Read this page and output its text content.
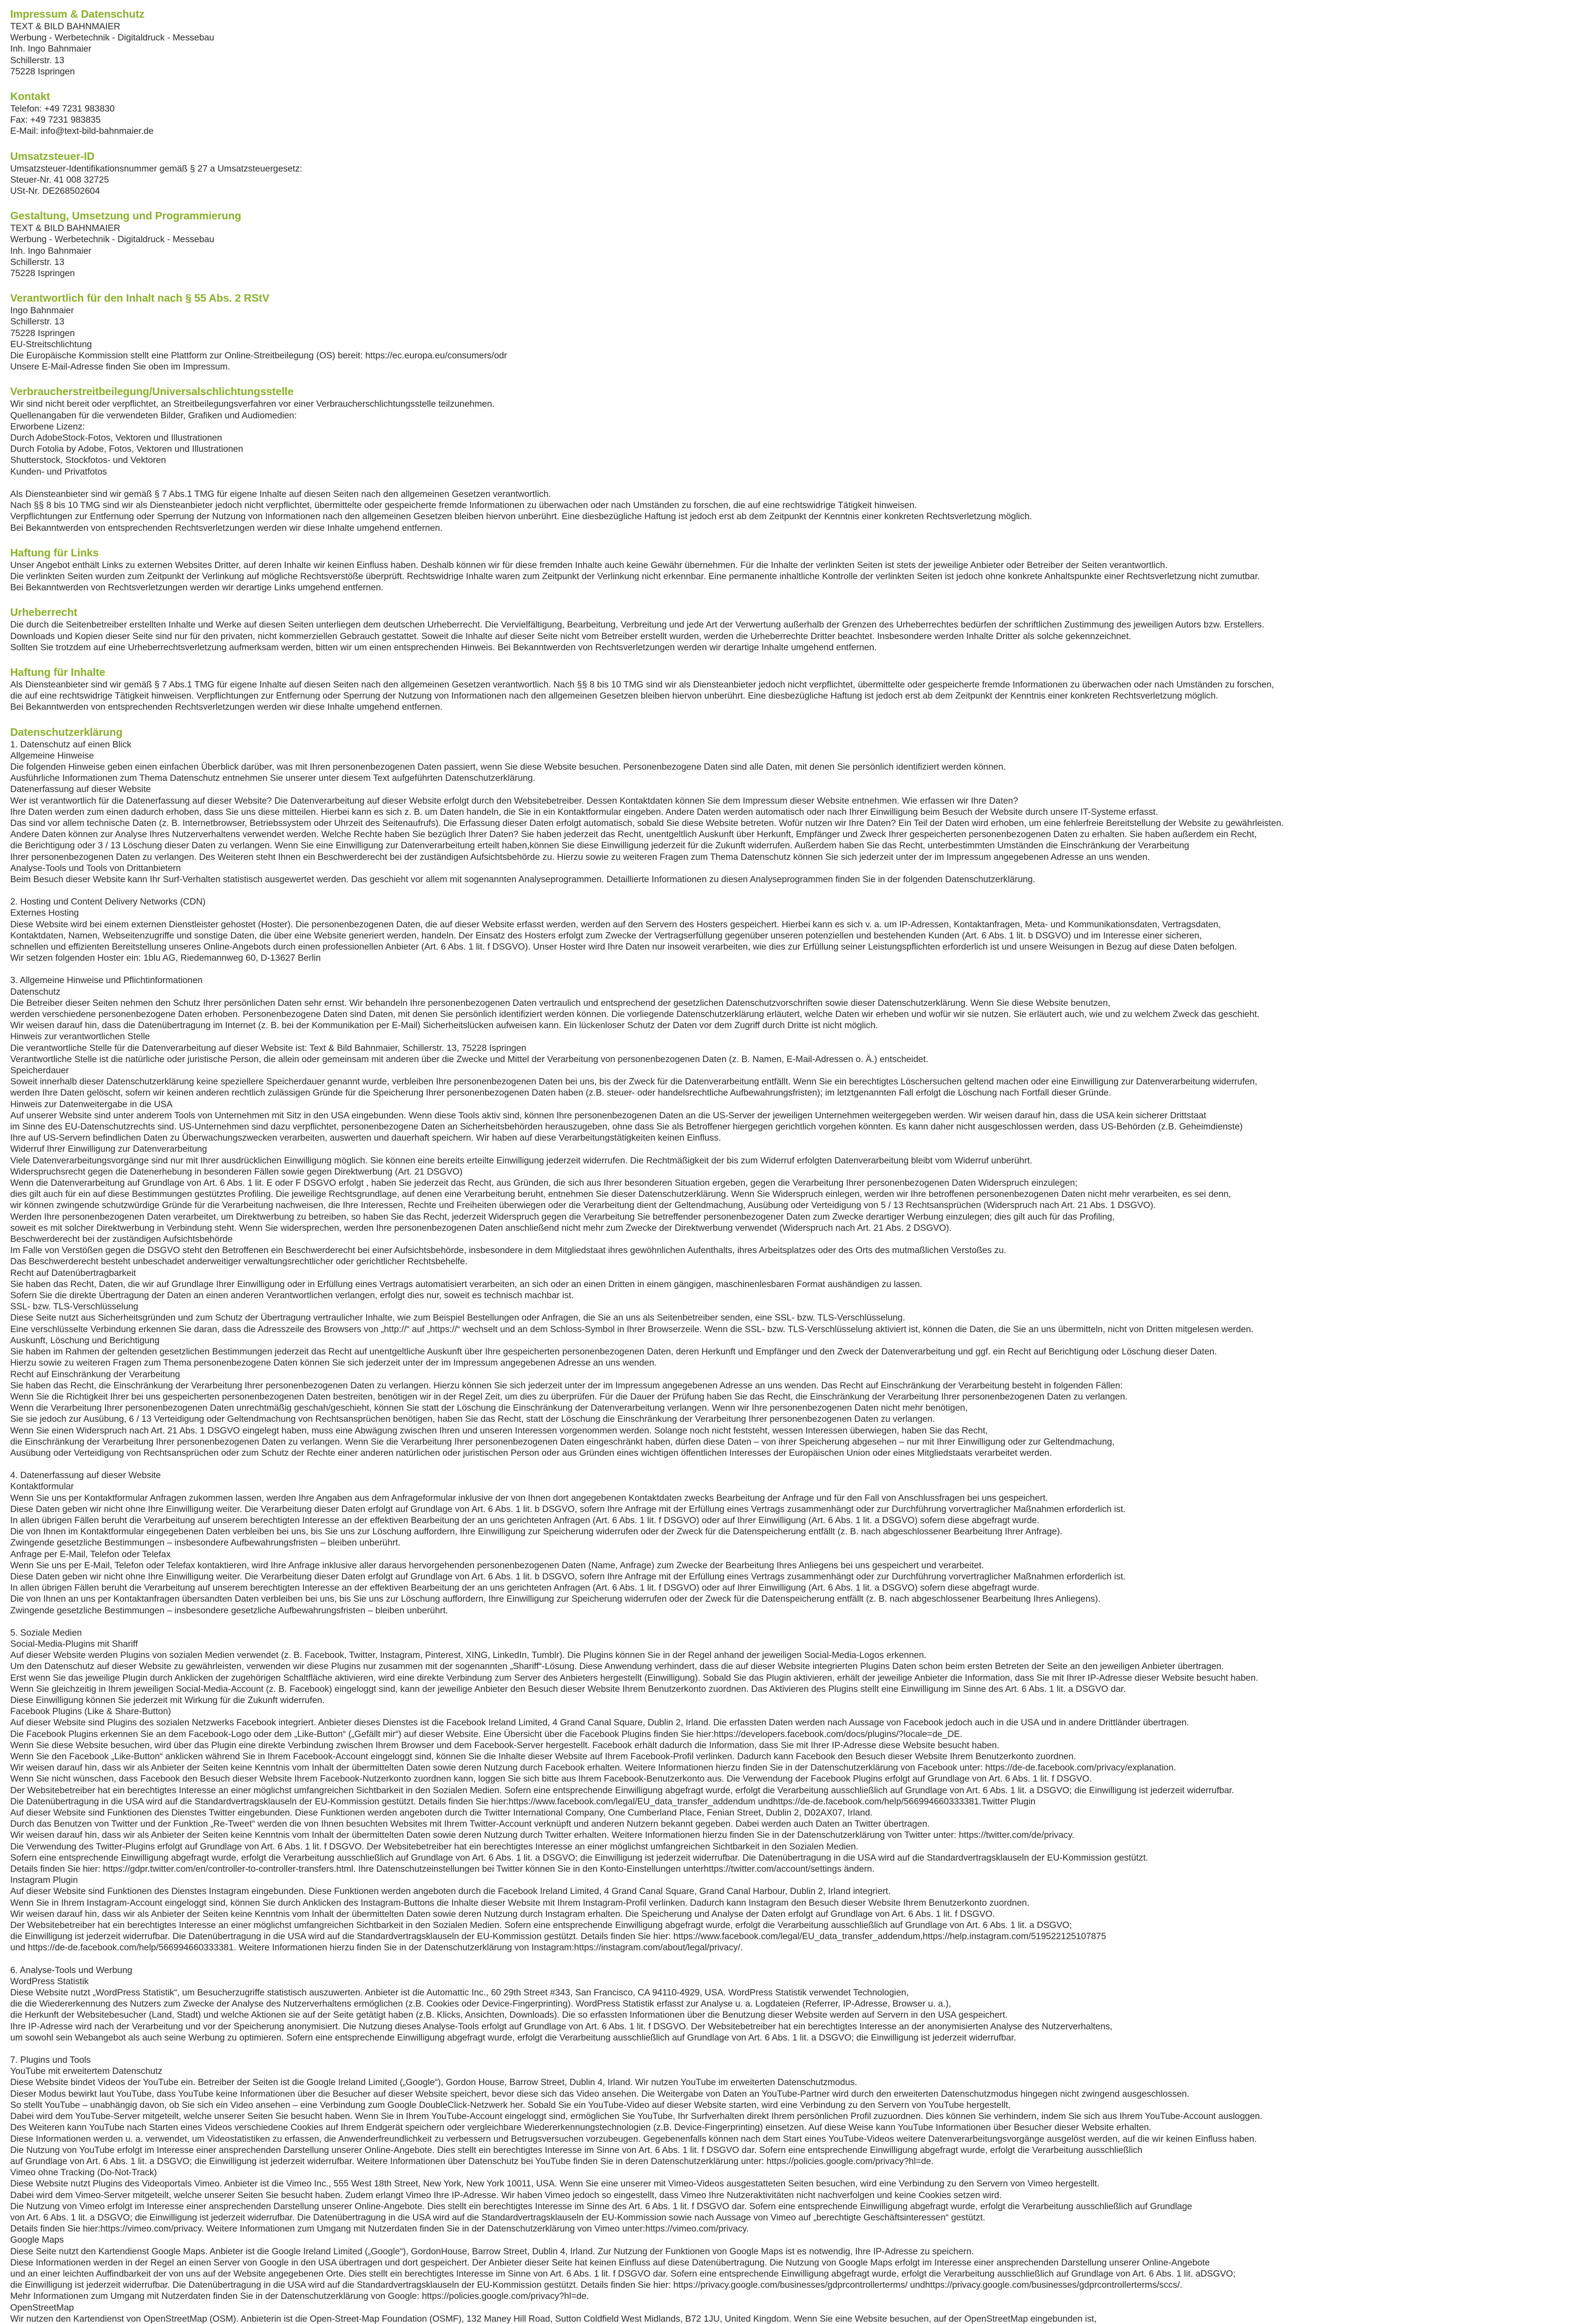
Impressum & Datenschutz
TEXT & BILD BAHNMAIER
Werbung - Werbetechnik - Digitaldruck - Messebau
Inh. Ingo Bahnmaier
Schillerstr. 13
75228 Ispringen
Kontakt
Telefon: +49 7231 983830
Fax: +49 7231 983835
E-Mail: info@text-bild-bahnmaier.de
Umsatzsteuer-ID
Umsatzsteuer-Identifikationsnummer gemäß § 27 a Umsatzsteuergesetz:
Steuer-Nr. 41 008 32725
USt-Nr. DE268502604
Gestaltung, Umsetzung und Programmierung
TEXT & BILD BAHNMAIER
Werbung - Werbetechnik - Digitaldruck - Messebau
Inh. Ingo Bahnmaier
Schillerstr. 13
75228 Ispringen
Verantwortlich für den Inhalt nach § 55 Abs. 2 RStV
Ingo Bahnmaier
Schillerstr. 13
75228 Ispringen
EU-Streitschlichtung
Die Europäische Kommission stellt eine Plattform zur Online-Streitbeilegung (OS) bereit: https://ec.europa.eu/consumers/odr
Unsere E-Mail-Adresse finden Sie oben im Impressum.
Verbraucherstreitbeilegung/Universalschlichtungsstelle
Wir sind nicht bereit oder verpflichtet, an Streitbeilegungsverfahren vor einer Verbraucherschlichtungsstelle teilzunehmen.
Quellenangaben für die verwendeten Bilder, Grafiken und Audiomedien:
Erworbene Lizenz:
Durch AdobeStock-Fotos, Vektoren und Illustrationen
Durch Fotolia by Adobe, Fotos, Vektoren und Illustrationen
Shutterstock, Stockfotos- und Vektoren
Kunden- und Privatfotos
Als Diensteanbieter sind wir gemäß § 7 Abs.1 TMG für eigene Inhalte auf diesen Seiten nach den allgemeinen Gesetzen verantwortlich.
Nach §§ 8 bis 10 TMG sind wir als Diensteanbieter jedoch nicht verpflichtet, übermittelte oder gespeicherte fremde Informationen zu überwachen oder nach Umständen zu forschen, die auf eine rechtswidrige Tätigkeit hinweisen.
Verpflichtungen zur Entfernung oder Sperrung der Nutzung von Informationen nach den allgemeinen Gesetzen bleiben hiervon unberührt. Eine diesbezügliche Haftung ist jedoch erst ab dem Zeitpunkt der Kenntnis einer konkreten Rechtsverletzung möglich.
Bei Bekanntwerden von entsprechenden Rechtsverletzungen werden wir diese Inhalte umgehend entfernen.
Haftung für Links
Unser Angebot enthält Links zu externen Websites Dritter, auf deren Inhalte wir keinen Einfluss haben. Deshalb können wir für diese fremden Inhalte auch keine Gewähr übernehmen. Für die Inhalte der verlinkten Seiten ist stets der jeweilige Anbieter oder Betreiber der Seiten verantwortlich.
Die verlinkten Seiten wurden zum Zeitpunkt der Verlinkung auf mögliche Rechtsverstöße überprüft. Rechtswidrige Inhalte waren zum Zeitpunkt der Verlinkung nicht erkennbar. Eine permanente inhaltliche Kontrolle der verlinkten Seiten ist jedoch ohne konkrete Anhaltspunkte einer Rechtsverletzung nicht zumutbar.
Bei Bekanntwerden von Rechtsverletzungen werden wir derartige Links umgehend entfernen.
Urheberrecht
Die durch die Seitenbetreiber erstellten Inhalte und Werke auf diesen Seiten unterliegen dem deutschen Urheberrecht. Die Vervielfältigung, Bearbeitung, Verbreitung und jede Art der Verwertung außerhalb der Grenzen des Urheberrechtes bedürfen der schriftlichen Zustimmung des jeweiligen Autors bzw. Erstellers.
Downloads und Kopien dieser Seite sind nur für den privaten, nicht kommerziellen Gebrauch gestattet. Soweit die Inhalte auf dieser Seite nicht vom Betreiber erstellt wurden, werden die Urheberrechte Dritter beachtet. Insbesondere werden Inhalte Dritter als solche gekennzeichnet.
Sollten Sie trotzdem auf eine Urheberrechtsverletzung aufmerksam werden, bitten wir um einen entsprechenden Hinweis. Bei Bekanntwerden von Rechtsverletzungen werden wir derartige Inhalte umgehend entfernen.
Haftung für Inhalte
Als Diensteanbieter sind wir gemäß § 7 Abs.1 TMG für eigene Inhalte auf diesen Seiten nach den allgemeinen Gesetzen verantwortlich. Nach §§ 8 bis 10 TMG sind wir als Diensteanbieter jedoch nicht verpflichtet, übermittelte oder gespeicherte fremde Informationen zu überwachen oder nach Umständen zu forschen,
die auf eine rechtswidrige Tätigkeit hinweisen. Verpflichtungen zur Entfernung oder Sperrung der Nutzung von Informationen nach den allgemeinen Gesetzen bleiben hiervon unberührt. Eine diesbezügliche Haftung ist jedoch erst ab dem Zeitpunkt der Kenntnis einer konkreten Rechtsverletzung möglich.
Bei Bekanntwerden von entsprechenden Rechtsverletzungen werden wir diese Inhalte umgehend entfernen.
Datenschutzerklärung
1. Datenschutz auf einen Blick
Allgemeine Hinweise
Die folgenden Hinweise geben einen einfachen Überblick darüber, was mit Ihren personenbezogenen Daten passiert, wenn Sie diese Website besuchen. Personenbezogene Daten sind alle Daten, mit denen Sie persönlich identifiziert werden können.
Ausführliche Informationen zum Thema Datenschutz entnehmen Sie unserer unter diesem Text aufgeführten Datenschutzerklärung.
Datenerfassung auf dieser Website
Wer ist verantwortlich für die Datenerfassung auf dieser Website? Die Datenverarbeitung auf dieser Website erfolgt durch den Websitebetreiber. Dessen Kontaktdaten können Sie dem Impressum dieser Website entnehmen. Wie erfassen wir Ihre Daten?
Ihre Daten werden zum einen dadurch erhoben, dass Sie uns diese mitteilen. Hierbei kann es sich z. B. um Daten handeln, die Sie in ein Kontaktformular eingeben. Andere Daten werden automatisch oder nach Ihrer Einwilligung beim Besuch der Website durch unsere IT-Systeme erfasst.
Das sind vor allem technische Daten (z. B. Internetbrowser, Betriebssystem oder Uhrzeit des Seitenaufrufs). Die Erfassung dieser Daten erfolgt automatisch, sobald Sie diese Website betreten. Wofür nutzen wir Ihre Daten? Ein Teil der Daten wird erhoben, um eine fehlerfreie Bereitstellung der Website zu gewährleisten.
Andere Daten können zur Analyse Ihres Nutzerverhaltens verwendet werden. Welche Rechte haben Sie bezüglich Ihrer Daten? Sie haben jederzeit das Recht, unentgeltlich Auskunft über Herkunft, Empfänger und Zweck Ihrer gespeicherten personenbezogenen Daten zu erhalten. Sie haben außerdem ein Recht,
die Berichtigung oder 3 / 13 Löschung dieser Daten zu verlangen. Wenn Sie eine Einwilligung zur Datenverarbeitung erteilt haben,können Sie diese Einwilligung jederzeit für die Zukunft widerrufen. Außerdem haben Sie das Recht, unterbestimmten Umständen die Einschränkung der Verarbeitung
Ihrer personenbezogenen Daten zu verlangen. Des Weiteren steht Ihnen ein Beschwerderecht bei der zuständigen Aufsichtsbehörde zu. Hierzu sowie zu weiteren Fragen zum Thema Datenschutz können Sie sich jederzeit unter der im Impressum angegebenen Adresse an uns wenden.
Analyse-Tools und Tools von Drittanbietern
Beim Besuch dieser Website kann Ihr Surf-Verhalten statistisch ausgewertet werden. Das geschieht vor allem mit sogenannten Analyseprogrammen. Detaillierte Informationen zu diesen Analyseprogrammen finden Sie in der folgenden Datenschutzerklärung.
2. Hosting und Content Delivery Networks (CDN)
Externes Hosting
Diese Website wird bei einem externen Dienstleister gehostet (Hoster). Die personenbezogenen Daten, die auf dieser Website erfasst werden, werden auf den Servern des Hosters gespeichert. Hierbei kann es sich v. a. um IP-Adressen, Kontaktanfragen, Meta- und Kommunikationsdaten, Vertragsdaten,
Kontaktdaten, Namen, Webseitenzugriffe und sonstige Daten, die über eine Website generiert werden, handeln. Der Einsatz des Hosters erfolgt zum Zwecke der Vertragserfüllung gegenüber unseren potenziellen und bestehenden Kunden (Art. 6 Abs. 1 lit. b DSGVO) und im Interesse einer sicheren,
schnellen und effizienten Bereitstellung unseres Online-Angebots durch einen professionellen Anbieter (Art. 6 Abs. 1 lit. f DSGVO). Unser Hoster wird Ihre Daten nur insoweit verarbeiten, wie dies zur Erfüllung seiner Leistungspflichten erforderlich ist und unsere Weisungen in Bezug auf diese Daten befolgen.
Wir setzen folgenden Hoster ein: 1blu AG, Riedemannweg 60, D-13627 Berlin
3. Allgemeine Hinweise und Pflichtinformationen
Datenschutz
Die Betreiber dieser Seiten nehmen den Schutz Ihrer persönlichen Daten sehr ernst. Wir behandeln Ihre personenbezogenen Daten vertraulich und entsprechend der gesetzlichen Datenschutzvorschriften sowie dieser Datenschutzerklärung. Wenn Sie diese Website benutzen,
werden verschiedene personenbezogene Daten erhoben. Personenbezogene Daten sind Daten, mit denen Sie persönlich identifiziert werden können. Die vorliegende Datenschutzerklärung erläutert, welche Daten wir erheben und wofür wir sie nutzen. Sie erläutert auch, wie und zu welchem Zweck das geschieht.
Wir weisen darauf hin, dass die Datenübertragung im Internet (z. B. bei der Kommunikation per E-Mail) Sicherheitslücken aufweisen kann. Ein lückenloser Schutz der Daten vor dem Zugriff durch Dritte ist nicht möglich.
Hinweis zur verantwortlichen Stelle
Die verantwortliche Stelle für die Datenverarbeitung auf dieser Website ist: Text & Bild Bahnmaier, Schillerstr. 13, 75228 Ispringen
Verantwortliche Stelle ist die natürliche oder juristische Person, die allein oder gemeinsam mit anderen über die Zwecke und Mittel der Verarbeitung von personenbezogenen Daten (z. B. Namen, E-Mail-Adressen o. Ä.) entscheidet.
Speicherdauer
Soweit innerhalb dieser Datenschutzerklärung keine speziellere Speicherdauer genannt wurde, verbleiben Ihre personenbezogenen Daten bei uns, bis der Zweck für die Datenverarbeitung entfällt. Wenn Sie ein berechtigtes Löschersuchen geltend machen oder eine Einwilligung zur Datenverarbeitung widerrufen,
werden Ihre Daten gelöscht, sofern wir keinen anderen rechtlich zulässigen Gründe für die Speicherung Ihrer personenbezogenen Daten haben (z.B. steuer- oder handelsrechtliche Aufbewahrungsfristen); im letztgenannten Fall erfolgt die Löschung nach Fortfall dieser Gründe.
Hinweis zur Datenweitergabe in die USA
Auf unserer Website sind unter anderem Tools von Unternehmen mit Sitz in den USA eingebunden. Wenn diese Tools aktiv sind, können Ihre personenbezogenen Daten an die US-Server der jeweiligen Unternehmen weitergegeben werden. Wir weisen darauf hin, dass die USA kein sicherer Drittstaat
im Sinne des EU-Datenschutzrechts sind. US-Unternehmen sind dazu verpflichtet, personenbezogene Daten an Sicherheitsbehörden herauszugeben, ohne dass Sie als Betroffener hiergegen gerichtlich vorgehen könnten. Es kann daher nicht ausgeschlossen werden, dass US-Behörden (z.B. Geheimdienste)
Ihre auf US-Servern befindlichen Daten zu Überwachungszwecken verarbeiten, auswerten und dauerhaft speichern. Wir haben auf diese Verarbeitungstätigkeiten keinen Einfluss.
Widerruf Ihrer Einwilligung zur Datenverarbeitung
Viele Datenverarbeitungsvorgänge sind nur mit Ihrer ausdrücklichen Einwilligung möglich. Sie können eine bereits erteilte Einwilligung jederzeit widerrufen. Die Rechtmäßigkeit der bis zum Widerruf erfolgten Datenverarbeitung bleibt vom Widerruf unberührt.
Widerspruchsrecht gegen die Datenerhebung in besonderen Fällen sowie gegen Direktwerbung (Art. 21 DSGVO)
Wenn die Datenverarbeitung auf Grundlage von Art. 6 Abs. 1 lit. E oder F DSGVO erfolgt , haben Sie jederzeit das Recht, aus Gründen, die sich aus Ihrer besonderen Situation ergeben, gegen die Verarbeitung Ihrer personenbezogenen Daten Widerspruch einzulegen;
dies gilt auch für ein auf diese Bestimmungen gestütztes Profiling. Die jeweilige Rechtsgrundlage, auf denen eine Verarbeitung beruht, entnehmen Sie dieser Datenschutzerklärung. Wenn Sie Widerspruch einlegen, werden wir Ihre betroffenen personenbezogenen Daten nicht mehr verarbeiten, es sei denn,
wir können zwingende schutzwürdige Gründe für die Verarbeitung nachweisen, die Ihre Interessen, Rechte und Freiheiten überwiegen oder die Verarbeitung dient der Geltendmachung, Ausübung oder Verteidigung von 5 / 13 Rechtsansprüchen (Widerspruch nach Art. 21 Abs. 1 DSGVO).
Werden Ihre personenbezogenen Daten verarbeitet, um Direktwerbung zu betreiben, so haben Sie das Recht, jederzeit Widerspruch gegen die Verarbeitung Sie betreffender personenbezogener Daten zum Zwecke derartiger Werbung einzulegen; dies gilt auch für das Profiling,
soweit es mit solcher Direktwerbung in Verbindung steht. Wenn Sie widersprechen, werden Ihre personenbezogenen Daten anschließend nicht mehr zum Zwecke der Direktwerbung verwendet (Widerspruch nach Art. 21 Abs. 2 DSGVO).
Beschwerderecht bei der zuständigen Aufsichtsbehörde
Im Falle von Verstößen gegen die DSGVO steht den Betroffenen ein Beschwerderecht bei einer Aufsichtsbehörde, insbesondere in dem Mitgliedstaat ihres gewöhnlichen Aufenthalts, ihres Arbeitsplatzes oder des Orts des mutmaßlichen Verstoßes zu.
Das Beschwerderecht besteht unbeschadet anderweitiger verwaltungsrechtlicher oder gerichtlicher Rechtsbehelfe.
Recht auf Datenübertragbarkeit
Sie haben das Recht, Daten, die wir auf Grundlage Ihrer Einwilligung oder in Erfüllung eines Vertrags automatisiert verarbeiten, an sich oder an einen Dritten in einem gängigen, maschinenlesbaren Format aushändigen zu lassen.
Sofern Sie die direkte Übertragung der Daten an einen anderen Verantwortlichen verlangen, erfolgt dies nur, soweit es technisch machbar ist.
SSL- bzw. TLS-Verschlüsselung
Diese Seite nutzt aus Sicherheitsgründen und zum Schutz der Übertragung vertraulicher Inhalte, wie zum Beispiel Bestellungen oder Anfragen, die Sie an uns als Seitenbetreiber senden, eine SSL- bzw. TLS-Verschlüsselung.
Eine verschlüsselte Verbindung erkennen Sie daran, dass die Adresszeile des Browsers von „http://“ auf „https://“ wechselt und an dem Schloss-Symbol in Ihrer Browserzeile. Wenn die SSL- bzw. TLS-Verschlüsselung aktiviert ist, können die Daten, die Sie an uns übermitteln, nicht von Dritten mitgelesen werden.
Auskunft, Löschung und Berichtigung
Sie haben im Rahmen der geltenden gesetzlichen Bestimmungen jederzeit das Recht auf unentgeltliche Auskunft über Ihre gespeicherten personenbezogenen Daten, deren Herkunft und Empfänger und den Zweck der Datenverarbeitung und ggf. ein Recht auf Berichtigung oder Löschung dieser Daten.
Hierzu sowie zu weiteren Fragen zum Thema personenbezogene Daten können Sie sich jederzeit unter der im Impressum angegebenen Adresse an uns wenden.
Recht auf Einschränkung der Verarbeitung
Sie haben das Recht, die Einschränkung der Verarbeitung Ihrer personenbezogenen Daten zu verlangen. Hierzu können Sie sich jederzeit unter der im Impressum angegebenen Adresse an uns wenden. Das Recht auf Einschränkung der Verarbeitung besteht in folgenden Fällen:
Wenn Sie die Richtigkeit Ihrer bei uns gespeicherten personenbezogenen Daten bestreiten, benötigen wir in der Regel Zeit, um dies zu überprüfen. Für die Dauer der Prüfung haben Sie das Recht, die Einschränkung der Verarbeitung Ihrer personenbezogenen Daten zu verlangen.
Wenn die Verarbeitung Ihrer personenbezogenen Daten unrechtmäßig geschah/geschieht, können Sie statt der Löschung die Einschränkung der Datenverarbeitung verlangen. Wenn wir Ihre personenbezogenen Daten nicht mehr benötigen,
Sie sie jedoch zur Ausübung, 6 / 13 Verteidigung oder Geltendmachung von Rechtsansprüchen benötigen, haben Sie das Recht, statt der Löschung die Einschränkung der Verarbeitung Ihrer personenbezogenen Daten zu verlangen.
Wenn Sie einen Widerspruch nach Art. 21 Abs. 1 DSGVO eingelegt haben, muss eine Abwägung zwischen Ihren und unseren Interessen vorgenommen werden. Solange noch nicht feststeht, wessen Interessen überwiegen, haben Sie das Recht,
die Einschränkung der Verarbeitung Ihrer personenbezogenen Daten zu verlangen. Wenn Sie die Verarbeitung Ihrer personenbezogenen Daten eingeschränkt haben, dürfen diese Daten – von ihrer Speicherung abgesehen – nur mit Ihrer Einwilligung oder zur Geltendmachung,
Ausübung oder Verteidigung von Rechtsansprüchen oder zum Schutz der Rechte einer anderen natürlichen oder juristischen Person oder aus Gründen eines wichtigen öffentlichen Interesses der Europäischen Union oder eines Mitgliedstaats verarbeitet werden.
4. Datenerfassung auf dieser Website
Kontaktformular
Wenn Sie uns per Kontaktformular Anfragen zukommen lassen, werden Ihre Angaben aus dem Anfrageformular inklusive der von Ihnen dort angegebenen Kontaktdaten zwecks Bearbeitung der Anfrage und für den Fall von Anschlussfragen bei uns gespeichert.
Diese Daten geben wir nicht ohne Ihre Einwilligung weiter. Die Verarbeitung dieser Daten erfolgt auf Grundlage von Art. 6 Abs. 1 lit. b DSGVO, sofern Ihre Anfrage mit der Erfüllung eines Vertrags zusammenhängt oder zur Durchführung vorvertraglicher Maßnahmen erforderlich ist.
In allen übrigen Fällen beruht die Verarbeitung auf unserem berechtigten Interesse an der effektiven Bearbeitung der an uns gerichteten Anfragen (Art. 6 Abs. 1 lit. f DSGVO) oder auf Ihrer Einwilligung (Art. 6 Abs. 1 lit. a DSGVO) sofern diese abgefragt wurde.
Die von Ihnen im Kontaktformular eingegebenen Daten verbleiben bei uns, bis Sie uns zur Löschung auffordern, Ihre Einwilligung zur Speicherung widerrufen oder der Zweck für die Datenspeicherung entfällt (z. B. nach abgeschlossener Bearbeitung Ihrer Anfrage).
Zwingende gesetzliche Bestimmungen – insbesondere Aufbewahrungsfristen – bleiben unberührt.
Anfrage per E-Mail, Telefon oder Telefax
Wenn Sie uns per E-Mail, Telefon oder Telefax kontaktieren, wird Ihre Anfrage inklusive aller daraus hervorgehenden personenbezogenen Daten (Name, Anfrage) zum Zwecke der Bearbeitung Ihres Anliegens bei uns gespeichert und verarbeitet.
Diese Daten geben wir nicht ohne Ihre Einwilligung weiter. Die Verarbeitung dieser Daten erfolgt auf Grundlage von Art. 6 Abs. 1 lit. b DSGVO, sofern Ihre Anfrage mit der Erfüllung eines Vertrags zusammenhängt oder zur Durchführung vorvertraglicher Maßnahmen erforderlich ist.
In allen übrigen Fällen beruht die Verarbeitung auf unserem berechtigten Interesse an der effektiven Bearbeitung der an uns gerichteten Anfragen (Art. 6 Abs. 1 lit. f DSGVO) oder auf Ihrer Einwilligung (Art. 6 Abs. 1 lit. a DSGVO) sofern diese abgefragt wurde.
Die von Ihnen an uns per Kontaktanfragen übersandten Daten verbleiben bei uns, bis Sie uns zur Löschung auffordern, Ihre Einwilligung zur Speicherung widerrufen oder der Zweck für die Datenspeicherung entfällt (z. B. nach abgeschlossener Bearbeitung Ihres Anliegens).
Zwingende gesetzliche Bestimmungen – insbesondere gesetzliche Aufbewahrungsfristen – bleiben unberührt.
5. Soziale Medien
Social-Media-Plugins mit Shariff
Auf dieser Website werden Plugins von sozialen Medien verwendet (z. B. Facebook, Twitter, Instagram, Pinterest, XING, LinkedIn, Tumblr). Die Plugins können Sie in der Regel anhand der jeweiligen Social-Media-Logos erkennen.
Um den Datenschutz auf dieser Website zu gewährleisten, verwenden wir diese Plugins nur zusammen mit der sogenannten „Shariff“-Lösung. Diese Anwendung verhindert, dass die auf dieser Website integrierten Plugins Daten schon beim ersten Betreten der Seite an den jeweiligen Anbieter übertragen.
Erst wenn Sie das jeweilige Plugin durch Anklicken der zugehörigen Schaltfläche aktivieren, wird eine direkte Verbindung zum Server des Anbieters hergestellt (Einwilligung). Sobald Sie das Plugin aktivieren, erhält der jeweilige Anbieter die Information, dass Sie mit Ihrer IP-Adresse dieser Website besucht haben.
Wenn Sie gleichzeitig in Ihrem jeweiligen Social-Media-Account (z. B. Facebook) eingeloggt sind, kann der jeweilige Anbieter den Besuch dieser Website Ihrem Benutzerkonto zuordnen. Das Aktivieren des Plugins stellt eine Einwilligung im Sinne des Art. 6 Abs. 1 lit. a DSGVO dar.
Diese Einwilligung können Sie jederzeit mit Wirkung für die Zukunft widerrufen.
Facebook Plugins (Like & Share-Button)
Auf dieser Website sind Plugins des sozialen Netzwerks Facebook integriert. Anbieter dieses Dienstes ist die Facebook Ireland Limited, 4 Grand Canal Square, Dublin 2, Irland. Die erfassten Daten werden nach Aussage von Facebook jedoch auch in die USA und in andere Drittländer übertragen.
Die Facebook Plugins erkennen Sie an dem Facebook-Logo oder dem „Like-Button“ („Gefällt mir“) auf dieser Website. Eine Übersicht über die Facebook Plugins finden Sie hier:https://developers.facebook.com/docs/plugins/?locale=de_DE.
Wenn Sie diese Website besuchen, wird über das Plugin eine direkte Verbindung zwischen Ihrem Browser und dem Facebook-Server hergestellt. Facebook erhält dadurch die Information, dass Sie mit Ihrer IP-Adresse diese Website besucht haben.
Wenn Sie den Facebook „Like-Button“ anklicken während Sie in Ihrem Facebook-Account eingeloggt sind, können Sie die Inhalte dieser Website auf Ihrem Facebook-Profil verlinken. Dadurch kann Facebook den Besuch dieser Website Ihrem Benutzerkonto zuordnen.
Wir weisen darauf hin, dass wir als Anbieter der Seiten keine Kenntnis vom Inhalt der übermittelten Daten sowie deren Nutzung durch Facebook erhalten. Weitere Informationen hierzu finden Sie in der Datenschutzerklärung von Facebook unter: https://de-de.facebook.com/privacy/explanation.
Wenn Sie nicht wünschen, dass Facebook den Besuch dieser Website Ihrem Facebook-Nutzerkonto zuordnen kann, loggen Sie sich bitte aus Ihrem Facebook-Benutzerkonto aus. Die Verwendung der Facebook Plugins erfolgt auf Grundlage von Art. 6 Abs. 1 lit. f DSGVO.
Der Websitebetreiber hat ein berechtigtes Interesse an einer möglichst umfangreichen Sichtbarkeit in den Sozialen Medien. Sofern eine entsprechende Einwilligung abgefragt wurde, erfolgt die Verarbeitung ausschließlich auf Grundlage von Art. 6 Abs. 1 lit. a DSGVO; die Einwilligung ist jederzeit widerrufbar.
Die Datenübertragung in die USA wird auf die Standardvertragsklauseln der EU-Kommission gestützt. Details finden Sie hier:https://www.facebook.com/legal/EU_data_transfer_addendum undhttps://de-de.facebook.com/help/566994660333381.Twitter Plugin
Auf dieser Website sind Funktionen des Dienstes Twitter eingebunden. Diese Funktionen werden angeboten durch die Twitter International Company, One Cumberland Place, Fenian Street, Dublin 2, D02AX07, Irland.
Durch das Benutzen von Twitter und der Funktion „Re-Tweet“ werden die von Ihnen besuchten Websites mit Ihrem Twitter-Account verknüpft und anderen Nutzern bekannt gegeben. Dabei werden auch Daten an Twitter übertragen.
Wir weisen darauf hin, dass wir als Anbieter der Seiten keine Kenntnis vom Inhalt der übermittelten Daten sowie deren Nutzung durch Twitter erhalten. Weitere Informationen hierzu finden Sie in der Datenschutzerklärung von Twitter unter: https://twitter.com/de/privacy.
Die Verwendung des Twitter-Plugins erfolgt auf Grundlage von Art. 6 Abs. 1 lit. f DSGVO. Der Websitebetreiber hat ein berechtigtes Interesse an einer möglichst umfangreichen Sichtbarkeit in den Sozialen Medien.
Sofern eine entsprechende Einwilligung abgefragt wurde, erfolgt die Verarbeitung ausschließlich auf Grundlage von Art. 6 Abs. 1 lit. a DSGVO; die Einwilligung ist jederzeit widerrufbar. Die Datenübertragung in die USA wird auf die Standardvertragsklauseln der EU-Kommission gestützt.
Details finden Sie hier: https://gdpr.twitter.com/en/controller-to-controller-transfers.html. Ihre Datenschutzeinstellungen bei Twitter können Sie in den Konto-Einstellungen unterhttps://twitter.com/account/settings ändern.
Instagram Plugin
Auf dieser Website sind Funktionen des Dienstes Instagram eingebunden. Diese Funktionen werden angeboten durch die Facebook Ireland Limited, 4 Grand Canal Square, Grand Canal Harbour, Dublin 2, Irland integriert.
Wenn Sie in Ihrem Instagram-Account eingeloggt sind, können Sie durch Anklicken des Instagram-Buttons die Inhalte dieser Website mit Ihrem Instagram-Profil verlinken. Dadurch kann Instagram den Besuch dieser Website Ihrem Benutzerkonto zuordnen.
Wir weisen darauf hin, dass wir als Anbieter der Seiten keine Kenntnis vom Inhalt der übermittelten Daten sowie deren Nutzung durch Instagram erhalten. Die Speicherung und Analyse der Daten erfolgt auf Grundlage von Art. 6 Abs. 1 lit. f DSGVO.
Der Websitebetreiber hat ein berechtigtes Interesse an einer möglichst umfangreichen Sichtbarkeit in den Sozialen Medien. Sofern eine entsprechende Einwilligung abgefragt wurde, erfolgt die Verarbeitung ausschließlich auf Grundlage von Art. 6 Abs. 1 lit. a DSGVO;
die Einwilligung ist jederzeit widerrufbar. Die Datenübertragung in die USA wird auf die Standardvertragsklauseln der EU-Kommission gestützt. Details finden Sie hier: https://www.facebook.com/legal/EU_data_transfer_addendum,https://help.instagram.com/519522125107875
und https://de-de.facebook.com/help/566994660333381. Weitere Informationen hierzu finden Sie in der Datenschutzerklärung von Instagram:https://instagram.com/about/legal/privacy/.
6. Analyse-Tools und Werbung
WordPress Statistik
Diese Website nutzt „WordPress Statistik“, um Besucherzugriffe statistisch auszuwerten. Anbieter ist die Automattic Inc., 60 29th Street #343, San Francisco, CA 94110-4929, USA. WordPress Statistik verwendet Technologien,
die die Wiedererkennung des Nutzers zum Zwecke der Analyse des Nutzerverhaltens ermöglichen (z.B. Cookies oder Device-Fingerprinting). WordPress Statistik erfasst zur Analyse u. a. Logdateien (Referrer, IP-Adresse, Browser u. a.),
die Herkunft der Websitebesucher (Land, Stadt) und welche Aktionen sie auf der Seite getätigt haben (z.B. Klicks, Ansichten, Downloads). Die so erfassten Informationen über die Benutzung dieser Website werden auf Servern in den USA gespeichert.
Ihre IP-Adresse wird nach der Verarbeitung und vor der Speicherung anonymisiert. Die Nutzung dieses Analyse-Tools erfolgt auf Grundlage von Art. 6 Abs. 1 lit. f DSGVO. Der Websitebetreiber hat ein berechtigtes Interesse an der anonymisierten Analyse des Nutzerverhaltens,
um sowohl sein Webangebot als auch seine Werbung zu optimieren. Sofern eine entsprechende Einwilligung abgefragt wurde, erfolgt die Verarbeitung ausschließlich auf Grundlage von Art. 6 Abs. 1 lit. a DSGVO; die Einwilligung ist jederzeit widerrufbar.
7. Plugins und Tools
YouTube mit erweitertem Datenschutz
Diese Website bindet Videos der YouTube ein. Betreiber der Seiten ist die Google Ireland Limited („Google“), Gordon House, Barrow Street, Dublin 4, Irland. Wir nutzen YouTube im erweiterten Datenschutzmodus.
Dieser Modus bewirkt laut YouTube, dass YouTube keine Informationen über die Besucher auf dieser Website speichert, bevor diese sich das Video ansehen. Die Weitergabe von Daten an YouTube-Partner wird durch den erweiterten Datenschutzmodus hingegen nicht zwingend ausgeschlossen.
So stellt YouTube – unabhängig davon, ob Sie sich ein Video ansehen – eine Verbindung zum Google DoubleClick-Netzwerk her. Sobald Sie ein YouTube-Video auf dieser Website starten, wird eine Verbindung zu den Servern von YouTube hergestellt.
Dabei wird dem YouTube-Server mitgeteilt, welche unserer Seiten Sie besucht haben. Wenn Sie in Ihrem YouTube-Account eingeloggt sind, ermöglichen Sie YouTube, Ihr Surfverhalten direkt Ihrem persönlichen Profil zuzuordnen. Dies können Sie verhindern, indem Sie sich aus Ihrem YouTube-Account ausloggen.
Des Weiteren kann YouTube nach Starten eines Videos verschiedene Cookies auf Ihrem Endgerät speichern oder vergleichbare Wiedererkennungstechnologien (z.B. Device-Fingerprinting) einsetzen. Auf diese Weise kann YouTube Informationen über Besucher dieser Website erhalten.
Diese Informationen werden u. a. verwendet, um Videostatistiken zu erfassen, die Anwenderfreundlichkeit zu verbessern und Betrugsversuchen vorzubeugen. Gegebenenfalls können nach dem Start eines YouTube-Videos weitere Datenverarbeitungsvorgänge ausgelöst werden, auf die wir keinen Einfluss haben.
Die Nutzung von YouTube erfolgt im Interesse einer ansprechenden Darstellung unserer Online-Angebote. Dies stellt ein berechtigtes Interesse im Sinne von Art. 6 Abs. 1 lit. f DSGVO dar. Sofern eine entsprechende Einwilligung abgefragt wurde, erfolgt die Verarbeitung ausschließlich
auf Grundlage von Art. 6 Abs. 1 lit. a DSGVO; die Einwilligung ist jederzeit widerrufbar. Weitere Informationen über Datenschutz bei YouTube finden Sie in deren Datenschutzerklärung unter: https://policies.google.com/privacy?hl=de.
Vimeo ohne Tracking (Do-Not-Track)
Diese Website nutzt Plugins des Videoportals Vimeo. Anbieter ist die Vimeo Inc., 555 West 18th Street, New York, New York 10011, USA. Wenn Sie eine unserer mit Vimeo-Videos ausgestatteten Seiten besuchen, wird eine Verbindung zu den Servern von Vimeo hergestellt.
Dabei wird dem Vimeo-Server mitgeteilt, welche unserer Seiten Sie besucht haben. Zudem erlangt Vimeo Ihre IP-Adresse. Wir haben Vimeo jedoch so eingestellt, dass Vimeo Ihre Nutzeraktivitäten nicht nachverfolgen und keine Cookies setzen wird.
Die Nutzung von Vimeo erfolgt im Interesse einer ansprechenden Darstellung unserer Online-Angebote. Dies stellt ein berechtigtes Interesse im Sinne des Art. 6 Abs. 1 lit. f DSGVO dar. Sofern eine entsprechende Einwilligung abgefragt wurde, erfolgt die Verarbeitung ausschließlich auf Grundlage
von Art. 6 Abs. 1 lit. a DSGVO; die Einwilligung ist jederzeit widerrufbar. Die Datenübertragung in die USA wird auf die Standardvertragsklauseln der EU-Kommission sowie nach Aussage von Vimeo auf „berechtigte Geschäftsinteressen“ gestützt.
Details finden Sie hier:https://vimeo.com/privacy. Weitere Informationen zum Umgang mit Nutzerdaten finden Sie in der Datenschutzerklärung von Vimeo unter:https://vimeo.com/privacy.
Google Maps
Diese Seite nutzt den Kartendienst Google Maps. Anbieter ist die Google Ireland Limited („Google“), GordonHouse, Barrow Street, Dublin 4, Irland. Zur Nutzung der Funktionen von Google Maps ist es notwendig, Ihre IP-Adresse zu speichern.
Diese Informationen werden in der Regel an einen Server von Google in den USA übertragen und dort gespeichert. Der Anbieter dieser Seite hat keinen Einfluss auf diese Datenübertragung. Die Nutzung von Google Maps erfolgt im Interesse einer ansprechenden Darstellung unserer Online-Angebote
und an einer leichten Auffindbarkeit der von uns auf der Website angegebenen Orte. Dies stellt ein berechtigtes Interesse im Sinne von Art. 6 Abs. 1 lit. f DSGVO dar. Sofern eine entsprechende Einwilligung abgefragt wurde, erfolgt die Verarbeitung ausschließlich auf Grundlage von Art. 6 Abs. 1 lit. aDSGVO;
die Einwilligung ist jederzeit widerrufbar. Die Datenübertragung in die USA wird auf die Standardvertragsklauseln der EU-Kommission gestützt. Details finden Sie hier: https://privacy.google.com/businesses/gdprcontrollerterms/ undhttps://privacy.google.com/businesses/gdprcontrollerterms/sccs/.
Mehr Informationen zum Umgang mit Nutzerdaten finden Sie in der Datenschutzerklärung von Google: https://policies.google.com/privacy?hl=de.
OpenStreetMap
Wir nutzen den Kartendienst von OpenStreetMap (OSM). Anbieterin ist die Open-Street-Map Foundation (OSMF), 132 Maney Hill Road, Sutton Coldfield West Midlands, B72 1JU, United Kingdom. Wenn Sie eine Website besuchen, auf der OpenStreetMap eingebunden ist,
